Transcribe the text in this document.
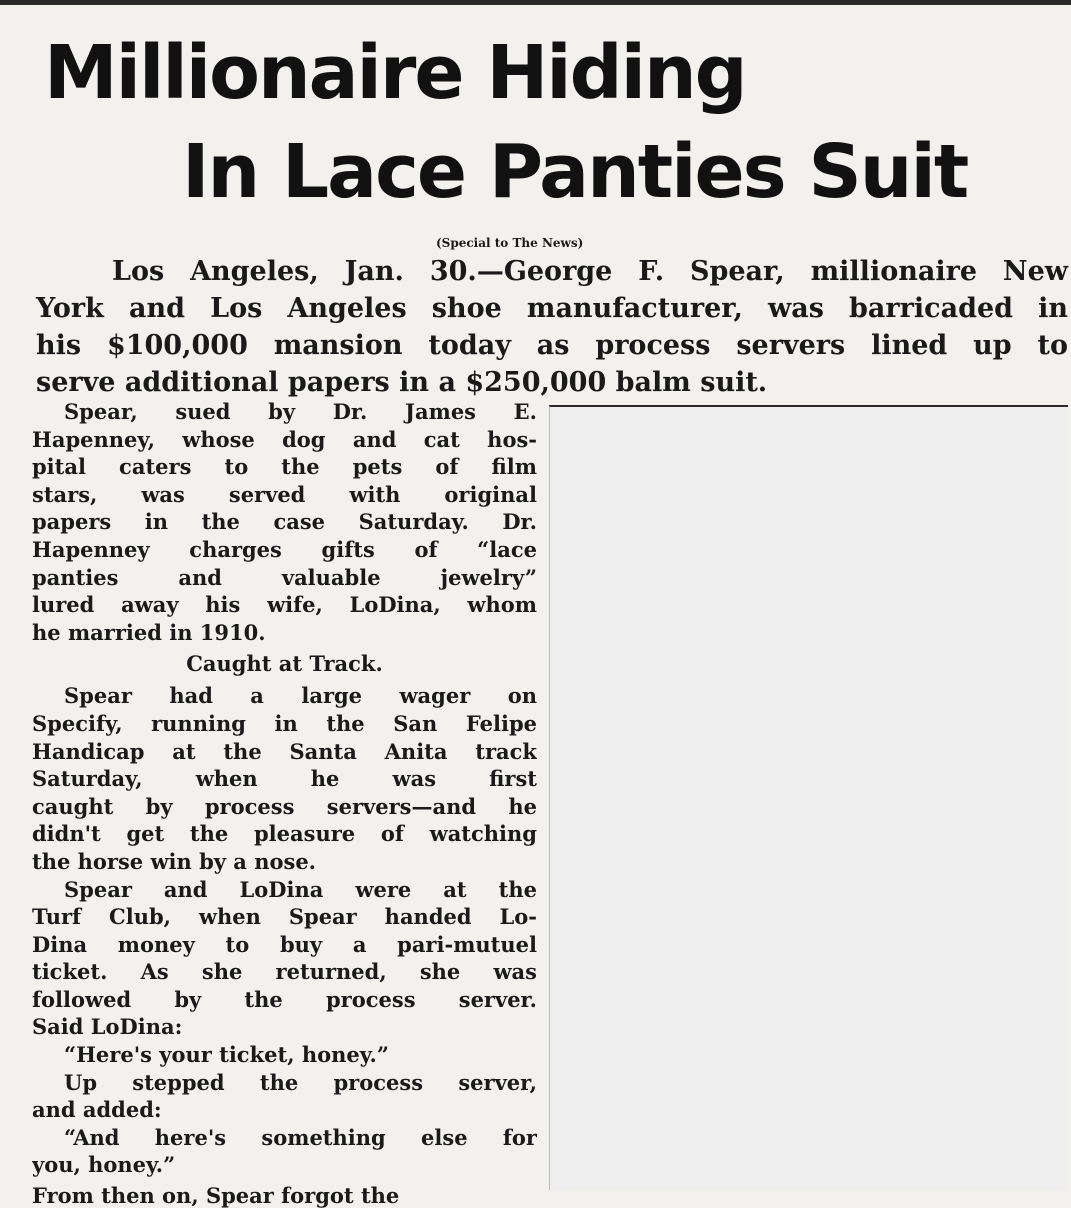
Millionaire Hiding
In Lace Panties Suit
(Special to The News)
Los Angeles, Jan. 30.—George F. Spear, millionaire New
York and Los Angeles shoe manufacturer, was barricaded in
his $100,000 mansion today as process servers lined up to
serve additional papers in a $250,000 balm suit.
Spear, sued by Dr. James E.
Hapenney, whose dog and cat hos-
pital caters to the pets of film
stars, was served with original
papers in the case Saturday. Dr.
Hapenney charges gifts of “lace
panties and valuable jewelry”
lured away his wife, LoDina, whom
he married in 1910.
Caught at Track.
Spear had a large wager on
Specify, running in the San Felipe
Handicap at the Santa Anita track
Saturday, when he was first
caught by process servers—and he
didn't get the pleasure of watching
the horse win by a nose.
Spear and LoDina were at the
Turf Club, when Spear handed Lo-
Dina money to buy a pari-mutuel
ticket. As she returned, she was
followed by the process server.
Said LoDina:
“Here's your ticket, honey.”
Up stepped the process server,
and added:
“And here's something else for
you, honey.”
From then on, Spear forgot the
